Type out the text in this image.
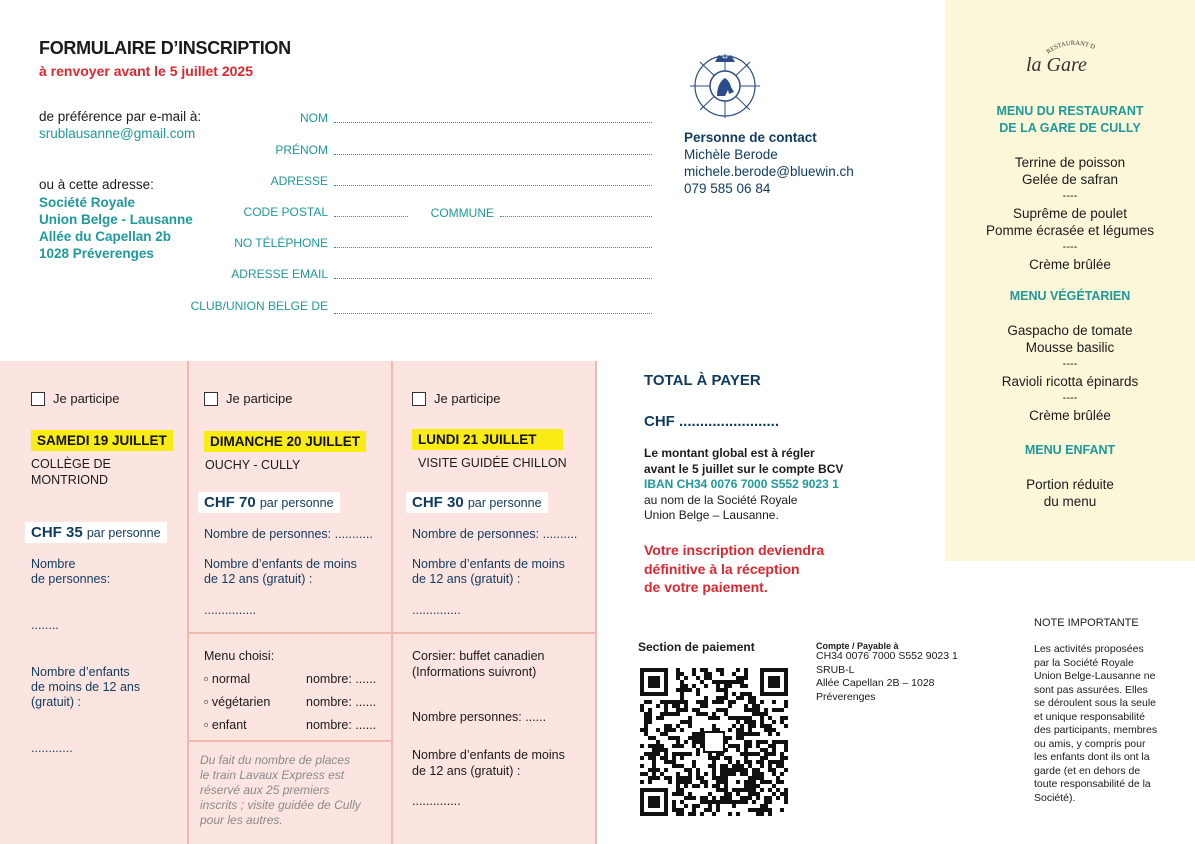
FORMULAIRE D’INSCRIPTION
à renvoyer avant le 5 juillet 2025
de préférence par e-mail à:
srublausanne@gmail.com
ou à cette adresse:
Société Royale
Union Belge - Lausanne
Allée du Capellan 2b
1028 Préverenges
NOM
PRÉNOM
ADRESSE
CODE POSTAL	COMMUNE
NO TÉLÉPHONE
ADRESSE EMAIL
CLUB/UNION BELGE DE
Personne de contact
Michèle Berode
michele.berode@bluewin.ch
079 585 06 84
RESTAURANT D
la Gare
MENU DU RESTAURANT
DE LA GARE DE CULLY
Terrine de poisson
Gelée de safran
----
Suprême de poulet
Pomme écrasée et légumes
----
Crème brûlée
MENU VÉGÉTARIEN
Gaspacho de tomate
Mousse basilic
----
Ravioli ricotta épinards
----
Crème brûlée
MENU ENFANT
Portion réduite
du menu
Je participe
SAMEDI 19 JUILLET
COLLÈGE DE
MONTRIOND
CHF 35 par personne
Nombre
de personnes:
........
Nombre d’enfants
de moins de 12 ans
(gratuit) :
............
Je participe
DIMANCHE 20 JUILLET
OUCHY - CULLY
CHF 70 par personne
Nombre de personnes: ...........
Nombre d’enfants de moins
de 12 ans (gratuit) :
...............
Menu choisi:
▫ normal	nombre: ......
▫ végétarien	nombre: ......
▫ enfant	nombre: ......
Du fait du nombre de places
le train Lavaux Express est
réservé aux 25 premiers
inscrits ; visite guidée de Cully
pour les autres.
Je participe
LUNDI 21 JUILLET
VISITE GUIDÉE CHILLON
CHF 30 par personne
Nombre de personnes: ..........
Nombre d’enfants de moins
de 12 ans (gratuit) :
..............
Corsier: buffet canadien
(Informations suivront)
Nombre personnes: ......
Nombre d’enfants de moins
de 12 ans (gratuit) :
..............
TOTAL À PAYER
CHF ........................
Le montant global est à régler
avant le 5 juillet sur le compte BCV
IBAN CH34 0076 7000 S552 9023 1
au nom de la Société Royale
Union Belge – Lausanne.
Votre inscription deviendra
définitive à la réception
de votre paiement.
Section de paiement	Compte / Payable à
CH34 0076 7000 S552 9023 1
SRUB-L
Allée Capellan 2B – 1028
Préverenges
NOTE IMPORTANTE
Les activités proposées
par la Société Royale
Union Belge-Lausanne ne
sont pas assurées. Elles
se déroulent sous la seule
et unique responsabilité
des participants, membres
ou amis, y compris pour
les enfants dont ils ont la
garde (et en dehors de
toute responsabilité de la
Société).
